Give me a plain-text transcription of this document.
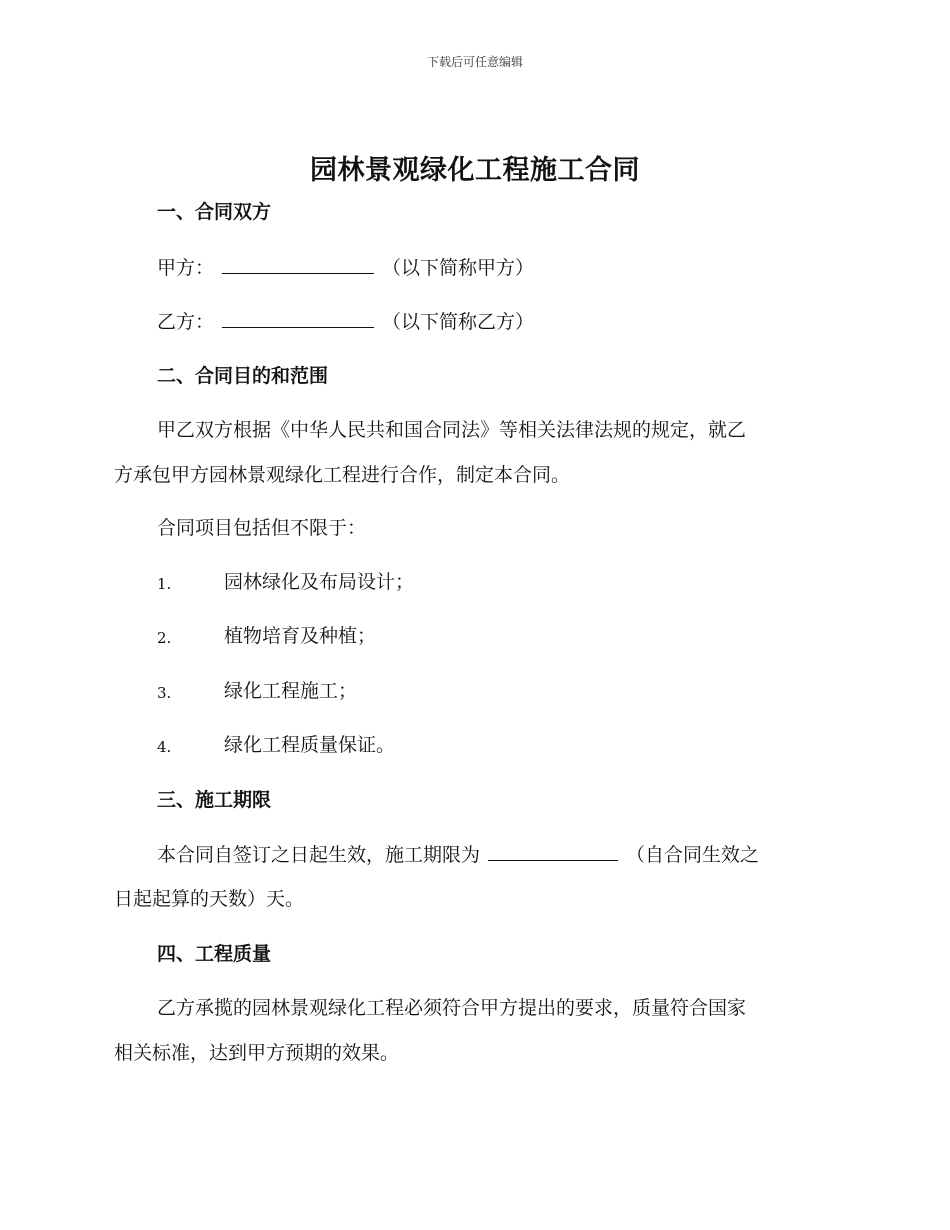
下载后可任意编辑
园林景观绿化工程施工合同
一、合同双方
甲方：	（以下简称甲方）
乙方：	（以下简称乙方）
二、合同目的和范围
甲乙双方根据《中华人民共和国合同法》等相关法律法规的规定，就乙
方承包甲方园林景观绿化工程进行合作，制定本合同。
合同项目包括但不限于：
1.	园林绿化及布局设计；
2.	植物培育及种植；
3.	绿化工程施工；
4.	绿化工程质量保证。
三、施工期限
本合同自签订之日起生效，施工期限为	（自合同生效之
日起起算的天数）天。
四、工程质量
乙方承揽的园林景观绿化工程必须符合甲方提出的要求，质量符合国家
相关标准，达到甲方预期的效果。
